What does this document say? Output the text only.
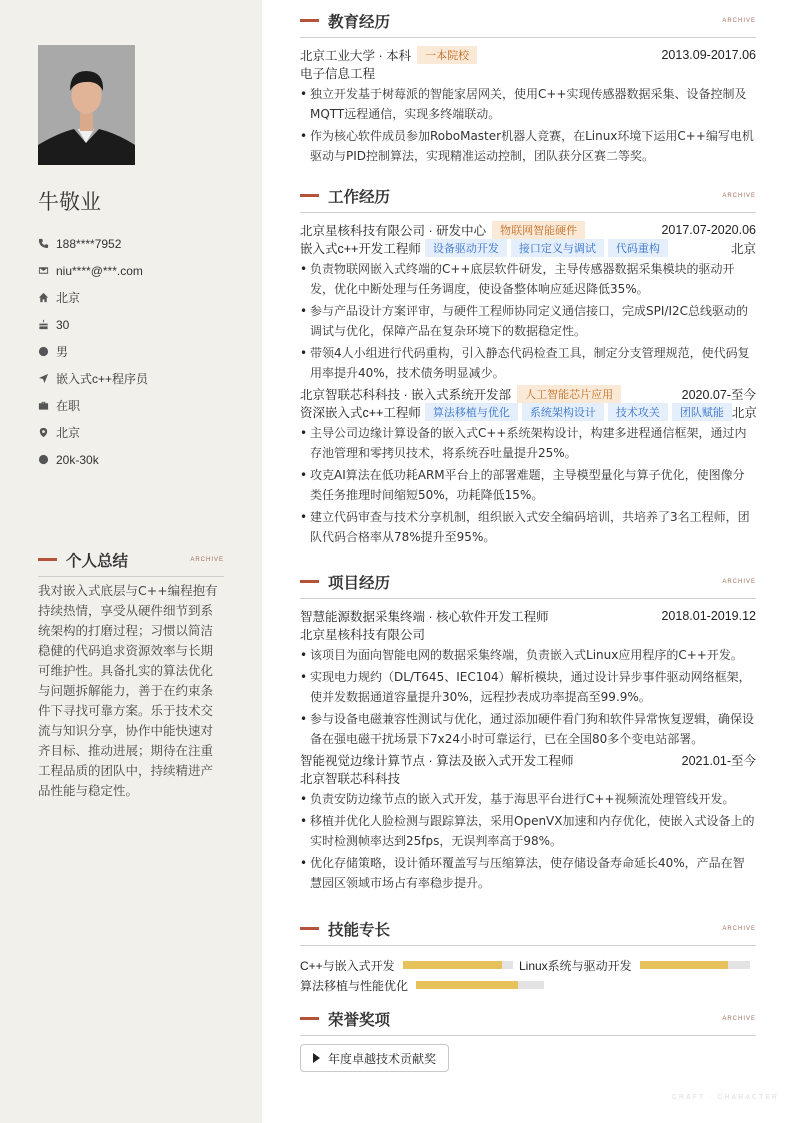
牛敬业
188****7952
niu****@***.com
北京
30
男
嵌入式c++程序员
在职
北京
20k-30k
个人总结	ARCHIVE
我对嵌入式底层与C++编程抱有持续热情，享受从硬件细节到系统架构的打磨过程；习惯以简洁稳健的代码追求资源效率与长期可维护性。具备扎实的算法优化与问题拆解能力，善于在约束条件下寻找可靠方案。乐于技术交流与知识分享，协作中能快速对齐目标、推动进展；期待在注重工程品质的团队中，持续精进产品性能与稳定性。
教育经历	ARCHIVE
北京工业大学 · 本科	一本院校	2013.09-2017.06
电子信息工程
• 独立开发基于树莓派的智能家居网关，使用C++实现传感器数据采集、设备控制及MQTT远程通信，实现多终端联动。
• 作为核心软件成员参加RoboMaster机器人竞赛，在Linux环境下运用C++编写电机驱动与PID控制算法，实现精准运动控制，团队获分区赛二等奖。
工作经历	ARCHIVE
北京星核科技有限公司 · 研发中心	物联网智能硬件	2017.07-2020.06
嵌入式c++开发工程师	设备驱动开发	接口定义与调试	代码重构	北京
• 负责物联网嵌入式终端的C++底层软件研发，主导传感器数据采集模块的驱动开发，优化中断处理与任务调度，使设备整体响应延迟降低35%。
• 参与产品设计方案评审，与硬件工程师协同定义通信接口，完成SPI/I2C总线驱动的调试与优化，保障产品在复杂环境下的数据稳定性。
• 带领4人小组进行代码重构，引入静态代码检查工具，制定分支管理规范，使代码复用率提升40%，技术债务明显减少。
北京智联芯科科技 · 嵌入式系统开发部	人工智能芯片应用	2020.07-至今
资深嵌入式c++工程师	算法移植与优化	系统架构设计	技术攻关	团队赋能 北京
• 主导公司边缘计算设备的嵌入式C++系统架构设计，构建多进程通信框架，通过内存池管理和零拷贝技术，将系统吞吐量提升25%。
• 攻克AI算法在低功耗ARM平台上的部署难题，主导模型量化与算子优化，使图像分类任务推理时间缩短50%，功耗降低15%。
• 建立代码审查与技术分享机制，组织嵌入式安全编码培训，共培养了3名工程师，团队代码合格率从78%提升至95%。
项目经历	ARCHIVE
智慧能源数据采集终端 · 核心软件开发工程师	2018.01-2019.12
北京星核科技有限公司
• 该项目为面向智能电网的数据采集终端，负责嵌入式Linux应用程序的C++开发。
• 实现电力规约（DL/T645、IEC104）解析模块，通过设计异步事件驱动网络框架，使并发数据通道容量提升30%，远程抄表成功率提高至99.9%。
• 参与设备电磁兼容性测试与优化，通过添加硬件看门狗和软件异常恢复逻辑，确保设备在强电磁干扰场景下7x24小时可靠运行，已在全国80多个变电站部署。
智能视觉边缘计算节点 · 算法及嵌入式开发工程师	2021.01-至今
北京智联芯科科技
• 负责安防边缘节点的嵌入式开发，基于海思平台进行C++视频流处理管线开发。
• 移植并优化人脸检测与跟踪算法，采用OpenVX加速和内存优化，使嵌入式设备上的实时检测帧率达到25fps，无误判率高于98%。
• 优化存储策略，设计循环覆盖写与压缩算法，使存储设备寿命延长40%，产品在智慧园区领域市场占有率稳步提升。
技能专长	ARCHIVE
C++与嵌入式开发	Linux系统与驱动开发
算法移植与性能优化
荣誉奖项	ARCHIVE
年度卓越技术贡献奖
CRAFT · CHARACTER
